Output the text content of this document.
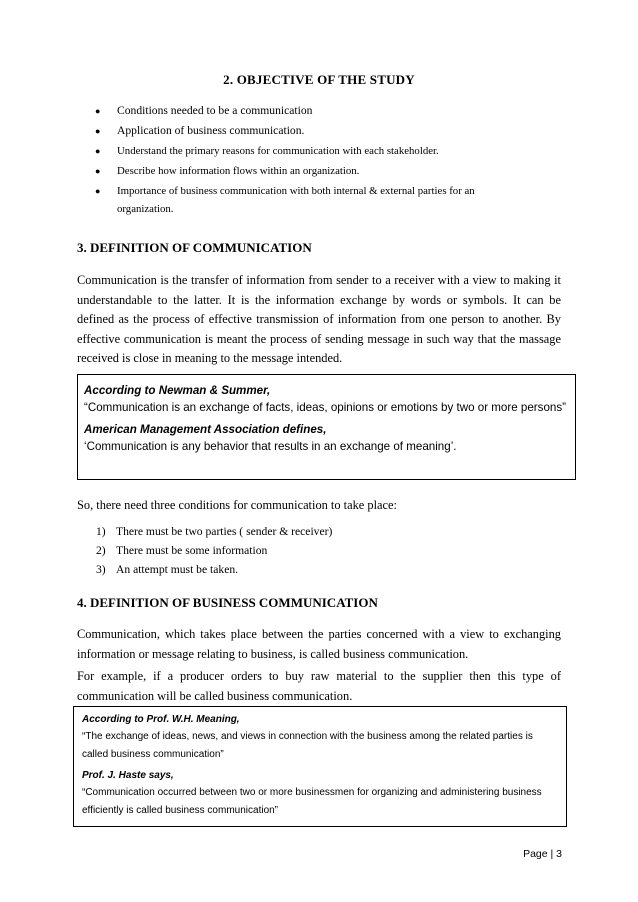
2. OBJECTIVE OF THE STUDY
● Conditions needed to be a communication
● Application of business communication.
● Understand the primary reasons for communication with each stakeholder.
● Describe how information flows within an organization.
● Importance of business communication with both internal & external parties for an
organization.
3. DEFINITION OF COMMUNICATION

Communication is the transfer of information from sender to a receiver with a view to making it understandable to the latter. It is the information exchange by words or symbols. It can be defined as the process of effective transmission of information from one person to another. By effective communication is meant the process of sending message in such way that the massage received is close in meaning to the message intended.

According to Newman & Summer,
“Communication is an exchange of facts, ideas, opinions or emotions by two or more persons”
American Management Association defines,
‘Communication is any behavior that results in an exchange of meaning’.

So, there need three conditions for communication to take place:

1) There must be two parties ( sender & receiver)
2) There must be some information
3) An attempt must be taken.
4. DEFINITION OF BUSINESS COMMUNICATION

Communication, which takes place between the parties concerned with a view to exchanging information or message relating to business, is called business communication.

For example, if a producer orders to buy raw material to the supplier then this type of communication will be called business communication.

According to Prof. W.H. Meaning,
“The exchange of ideas, news, and views in connection with the business among the related parties is called business communication”
Prof. J. Haste says,
“Communication occurred between two or more businessmen for organizing and administering business efficiently is called business communication”
Page | 3
